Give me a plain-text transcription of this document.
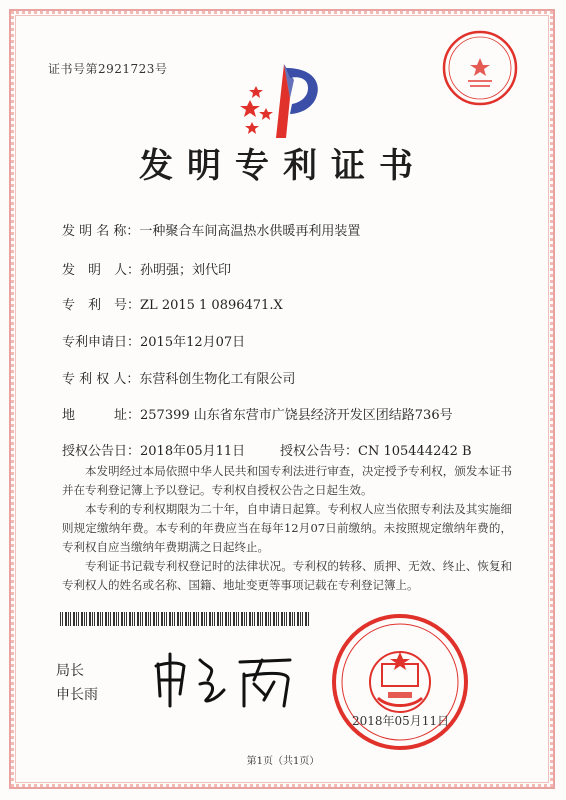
证书号第2921723号
发明专利证书
发 明 名 称：一种聚合车间高温热水供暖再利用装置
发　明　人：孙明强；刘代印
专　利　号：ZL 2015 1 0896471.X
专利申请日：2015年12月07日
专 利 权 人：东营科创生物化工有限公司
地　　　址：257399 山东省东营市广饶县经济开发区团结路736号
授权公告日：2018年05月11日	授权公告号：CN 105444242 B

本发明经过本局依照中华人民共和国专利法进行审查，决定授予专利权，颁发本证书并在专利登记簿上予以登记。专利权自授权公告之日起生效。

本专利的专利权期限为二十年，自申请日起算。专利权人应当依照专利法及其实施细则规定缴纳年费。本专利的年费应当在每年12月07日前缴纳。未按照规定缴纳年费的，专利权自应当缴纳年费期满之日起终止。

专利证书记载专利权登记时的法律状况。专利权的转移、质押、无效、终止、恢复和专利权人的姓名或名称、国籍、地址变更等事项记载在专利登记簿上。

局长
申长雨
2018年05月11日
第1页（共1页）
